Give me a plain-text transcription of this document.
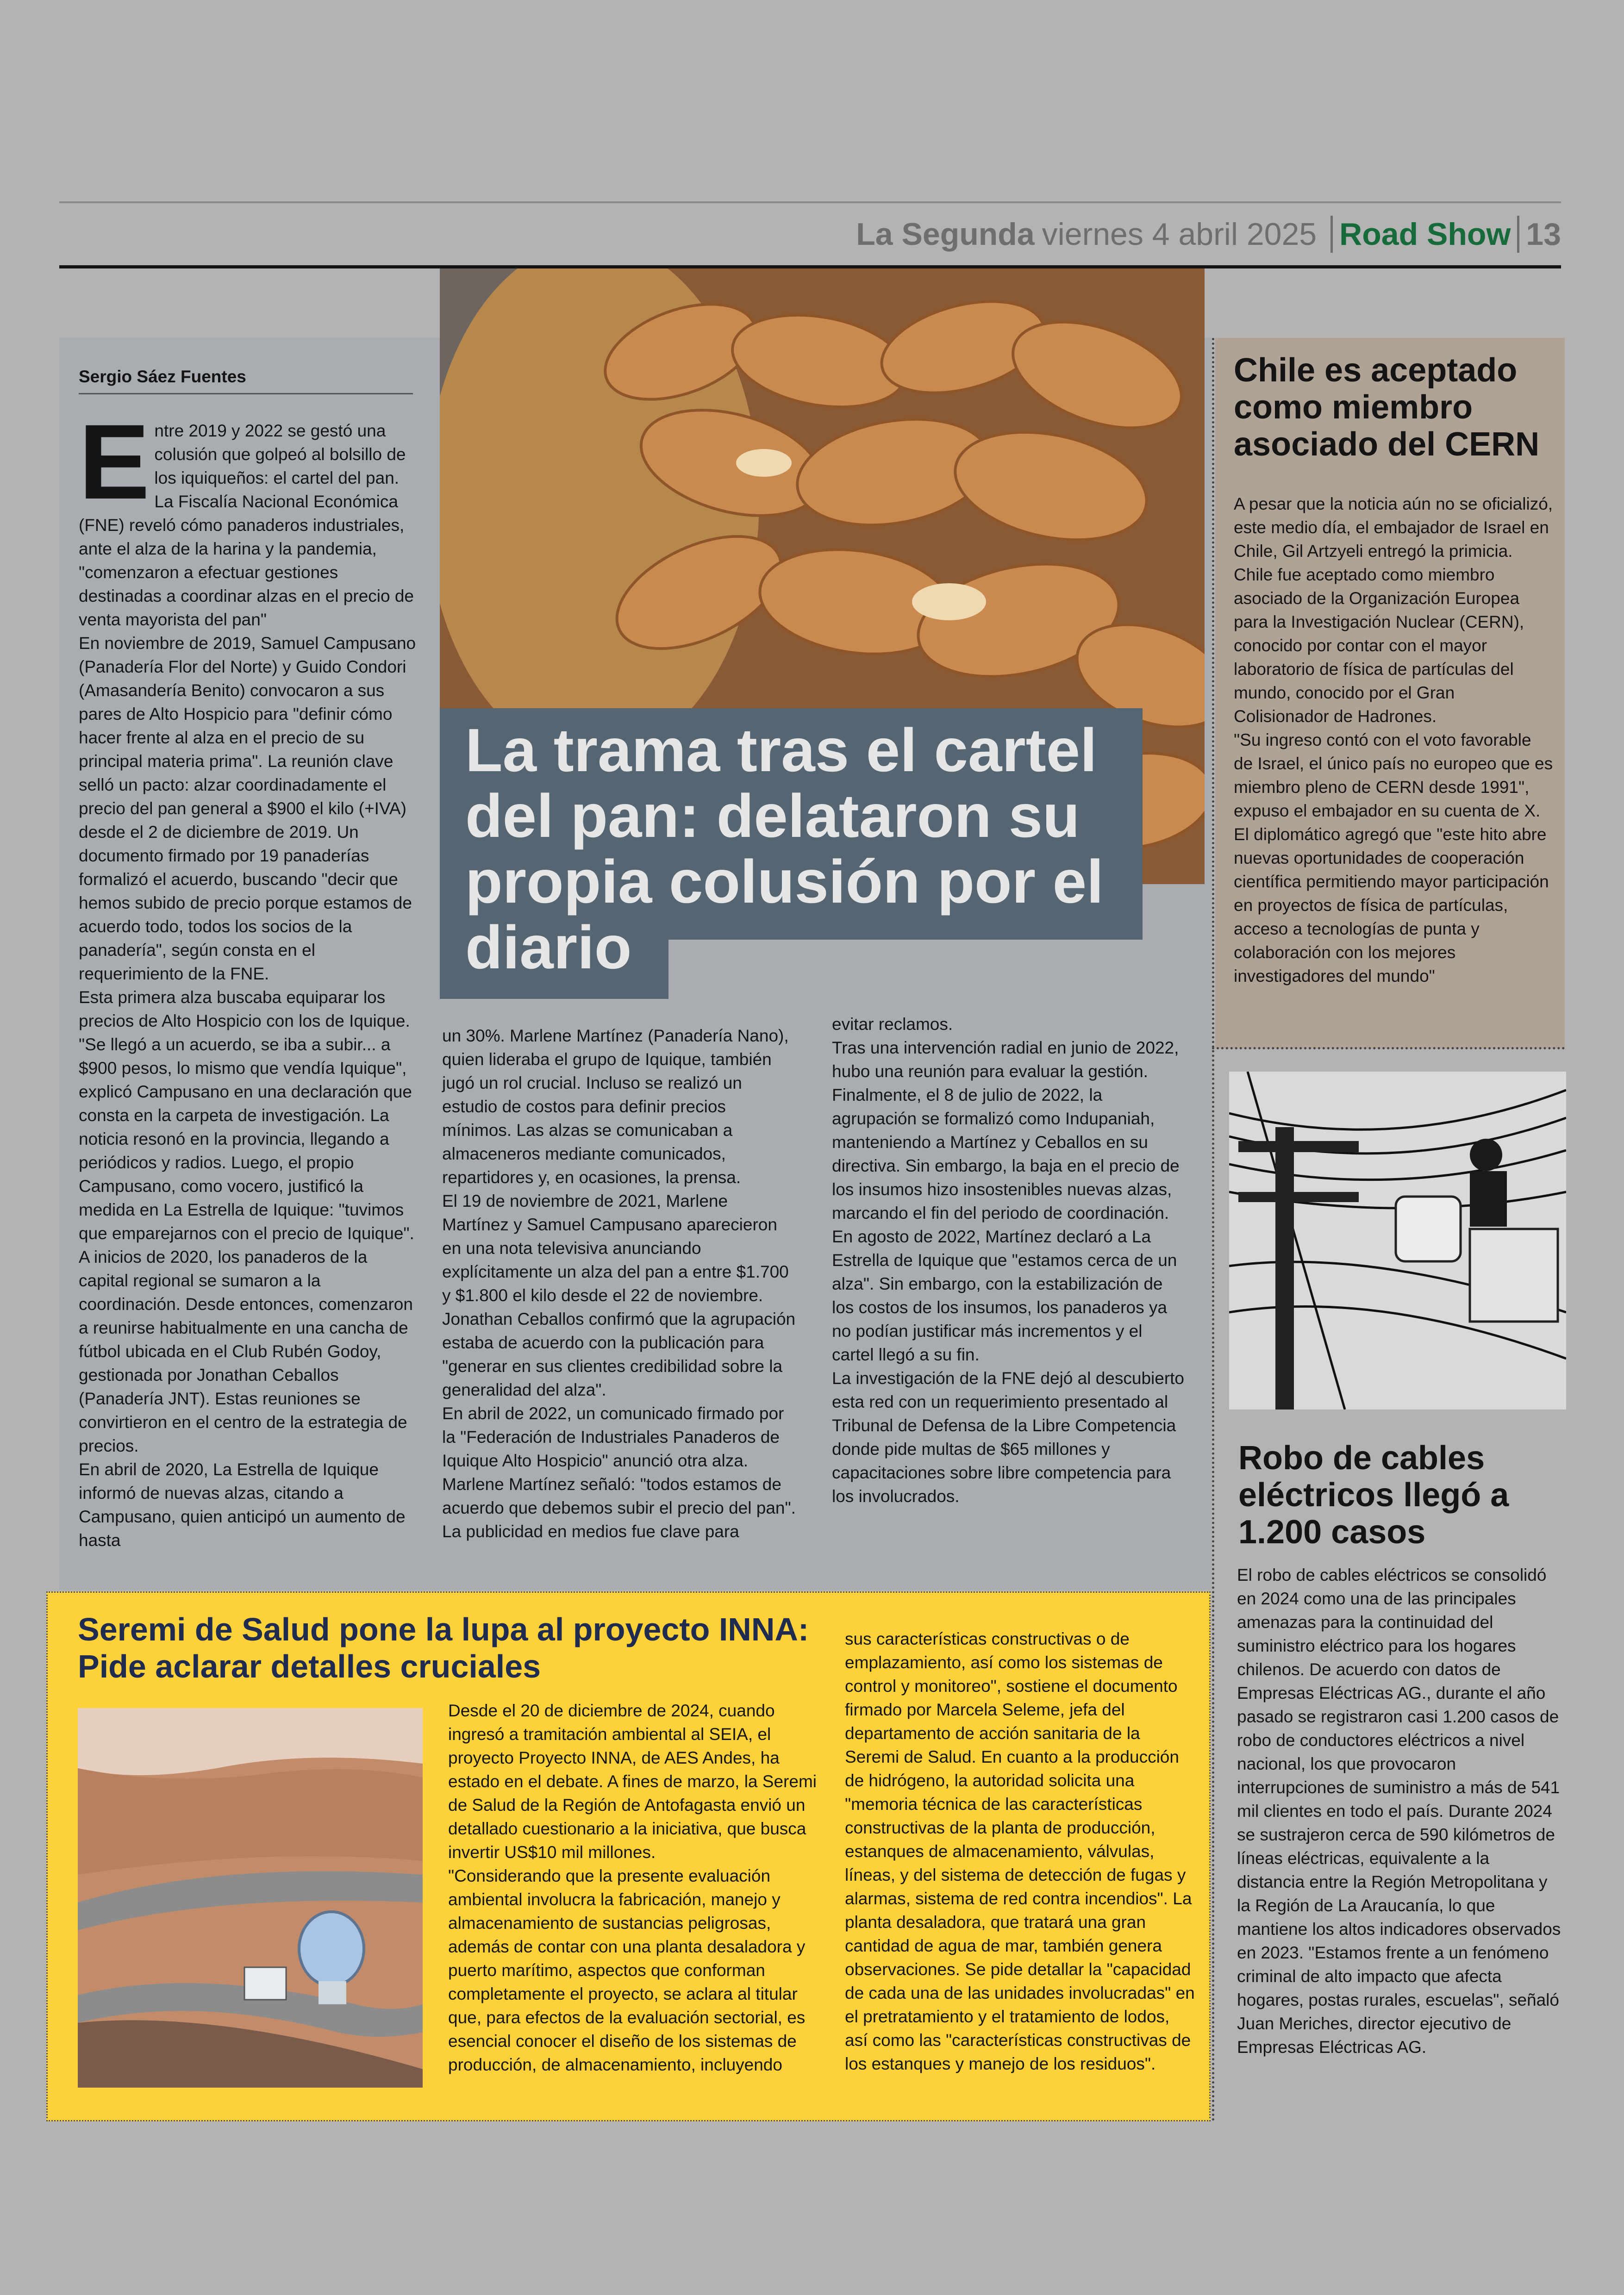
La Segunda viernes 4 abril 2025 Road Show 13
La trama tras el cartel del pan: delataron su propia colusión por el diario

Sergio Sáez Fuentes

Entre 2019 y 2022 se gestó una colusión que golpeó al bolsillo de los iquiqueños: el cartel del pan. La Fiscalía Nacional Económica (FNE) reveló cómo panaderos industriales, ante el alza de la harina y la pandemia, "comenzaron a efectuar gestiones destinadas a coordinar alzas en el precio de venta mayorista del pan"

En noviembre de 2019, Samuel Campusano (Panadería Flor del Norte) y Guido Condori (Amasandería Benito) convocaron a sus pares de Alto Hospicio para "definir cómo hacer frente al alza en el precio de su principal materia prima". La reunión clave selló un pacto: alzar coordinadamente el precio del pan general a $900 el kilo (+IVA) desde el 2 de diciembre de 2019. Un documento firmado por 19 panaderías formalizó el acuerdo, buscando "decir que hemos subido de precio porque estamos de acuerdo todo, todos los socios de la panadería", según consta en el requerimiento de la FNE.

Esta primera alza buscaba equiparar los precios de Alto Hospicio con los de Iquique. "Se llegó a un acuerdo, se iba a subir... a $900 pesos, lo mismo que vendía Iquique", explicó Campusano en una declaración que consta en la carpeta de investigación. La noticia resonó en la provincia, llegando a periódicos y radios. Luego, el propio Campusano, como vocero, justificó la medida en La Estrella de Iquique: "tuvimos que emparejarnos con el precio de Iquique".

A inicios de 2020, los panaderos de la capital regional se sumaron a la coordinación. Desde entonces, comenzaron a reunirse habitualmente en una cancha de fútbol ubicada en el Club Rubén Godoy, gestionada por Jonathan Ceballos (Panadería JNT). Estas reuniones se convirtieron en el centro de la estrategia de precios.

En abril de 2020, La Estrella de Iquique informó de nuevas alzas, citando a Campusano, quien anticipó un aumento de hasta

un 30%. Marlene Martínez (Panadería Nano), quien lideraba el grupo de Iquique, también jugó un rol crucial. Incluso se realizó un estudio de costos para definir precios mínimos. Las alzas se comunicaban a almaceneros mediante comunicados, repartidores y, en ocasiones, la prensa.

El 19 de noviembre de 2021, Marlene Martínez y Samuel Campusano aparecieron en una nota televisiva anunciando explícitamente un alza del pan a entre $1.700 y $1.800 el kilo desde el 22 de noviembre. Jonathan Ceballos confirmó que la agrupación estaba de acuerdo con la publicación para "generar en sus clientes credibilidad sobre la generalidad del alza".

En abril de 2022, un comunicado firmado por la "Federación de Industriales Panaderos de Iquique Alto Hospicio" anunció otra alza. Marlene Martínez señaló: "todos estamos de acuerdo que debemos subir el precio del pan". La publicidad en medios fue clave para

evitar reclamos.

Tras una intervención radial en junio de 2022, hubo una reunión para evaluar la gestión. Finalmente, el 8 de julio de 2022, la agrupación se formalizó como Indupaniah, manteniendo a Martínez y Ceballos en su directiva. Sin embargo, la baja en el precio de los insumos hizo insostenibles nuevas alzas, marcando el fin del periodo de coordinación.

En agosto de 2022, Martínez declaró a La Estrella de Iquique que "estamos cerca de un alza". Sin embargo, con la estabilización de los costos de los insumos, los panaderos ya no podían justificar más incrementos y el cartel llegó a su fin.

La investigación de la FNE dejó al descubierto esta red con un requerimiento presentado al Tribunal de Defensa de la Libre Competencia donde pide multas de $65 millones y capacitaciones sobre libre competencia para los involucrados.

Chile es aceptado
como miembro asociado del CERN

A pesar que la noticia aún no se oficializó, este medio día, el embajador de Israel en Chile, Gil Artzyeli entregó la primicia. Chile fue aceptado como miembro asociado de la Organización Europea para la Investigación Nuclear (CERN), conocido por contar con el mayor laboratorio de física de partículas del mundo, conocido por el Gran Colisionador de Hadrones.

"Su ingreso contó con el voto favorable de Israel, el único país no europeo que es miembro pleno de CERN desde 1991", expuso el embajador en su cuenta de X.

El diplomático agregó que "este hito abre nuevas oportunidades de cooperación científica permitiendo mayor participación en proyectos de física de partículas, acceso a tecnologías de punta y colaboración con los mejores investigadores del mundo"

Robo de cables
eléctricos llegó a 1.200 casos

El robo de cables eléctricos se consolidó en 2024 como una de las principales amenazas para la continuidad del suministro eléctrico para los hogares chilenos. De acuerdo con datos de Empresas Eléctricas AG., durante el año pasado se registraron casi 1.200 casos de robo de conductores eléctricos a nivel nacional, los que provocaron interrupciones de suministro a más de 541 mil clientes en todo el país. Durante 2024 se sustrajeron cerca de 590 kilómetros de líneas eléctricas, equivalente a la distancia entre la Región Metropolitana y la Región de La Araucanía, lo que mantiene los altos indicadores observados en 2023. "Estamos frente a un fenómeno criminal de alto impacto que afecta hogares, postas rurales, escuelas", señaló Juan Meriches, director ejecutivo de Empresas Eléctricas AG.

Seremi de Salud pone la lupa al proyecto INNA:
Pide aclarar detalles cruciales

Desde el 20 de diciembre de 2024, cuando ingresó a tramitación ambiental al SEIA, el proyecto Proyecto INNA, de AES Andes, ha estado en el debate. A fines de marzo, la Seremi de Salud de la Región de Antofagasta envió un detallado cuestionario a la iniciativa, que busca invertir US$10 mil millones.

"Considerando que la presente evaluación ambiental involucra la fabricación, manejo y almacenamiento de sustancias peligrosas, además de contar con una planta desaladora y puerto marítimo, aspectos que conforman completamente el proyecto, se aclara al titular que, para efectos de la evaluación sectorial, es esencial conocer el diseño de los sistemas de producción, de almacenamiento, incluyendo

sus características constructivas o de emplazamiento, así como los sistemas de control y monitoreo", sostiene el documento firmado por Marcela Seleme, jefa del departamento de acción sanitaria de la Seremi de Salud. En cuanto a la producción de hidrógeno, la autoridad solicita una "memoria técnica de las características constructivas de la planta de producción, estanques de almacenamiento, válvulas, líneas, y del sistema de detección de fugas y alarmas, sistema de red contra incendios". La planta desaladora, que tratará una gran cantidad de agua de mar, también genera observaciones. Se pide detallar la "capacidad de cada una de las unidades involucradas" en el pretratamiento y el tratamiento de lodos, así como las "características constructivas de los estanques y manejo de los residuos".
